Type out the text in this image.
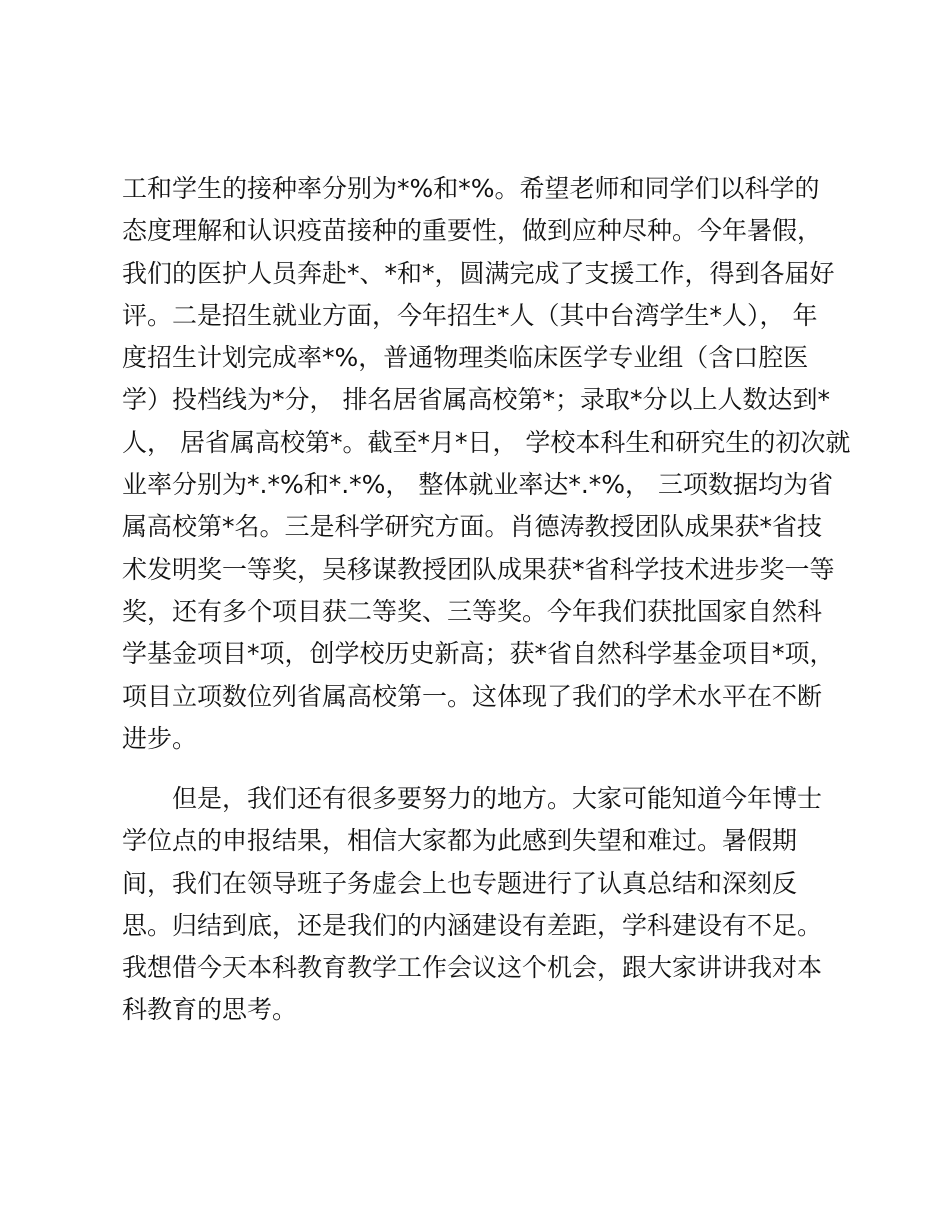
工和学生的接种率分别为*%和*%。希望老师和同学们以科学的
态度理解和认识疫苗接种的重要性，做到应种尽种。今年暑假，
我们的医护人员奔赴*、*和*，圆满完成了支援工作，得到各届好
评。二是招生就业方面，今年招生*人（其中台湾学生*人）， 年
度招生计划完成率*%，普通物理类临床医学专业组（含口腔医
学）投档线为*分， 排名居省属高校第*；录取*分以上人数达到*
人， 居省属高校第*。截至*月*日， 学校本科生和研究生的初次就
业率分别为*.*%和*.*%， 整体就业率达*.*%， 三项数据均为省
属高校第*名。三是科学研究方面。肖德涛教授团队成果获*省技
术发明奖一等奖，吴移谋教授团队成果获*省科学技术进步奖一等
奖，还有多个项目获二等奖、三等奖。今年我们获批国家自然科
学基金项目*项，创学校历史新高；获*省自然科学基金项目*项，
项目立项数位列省属高校第一。这体现了我们的学术水平在不断
进步。
　　但是，我们还有很多要努力的地方。大家可能知道今年博士
学位点的申报结果，相信大家都为此感到失望和难过。暑假期
间，我们在领导班子务虚会上也专题进行了认真总结和深刻反
思。归结到底，还是我们的内涵建设有差距，学科建设有不足。
我想借今天本科教育教学工作会议这个机会，跟大家讲讲我对本
科教育的思考。
